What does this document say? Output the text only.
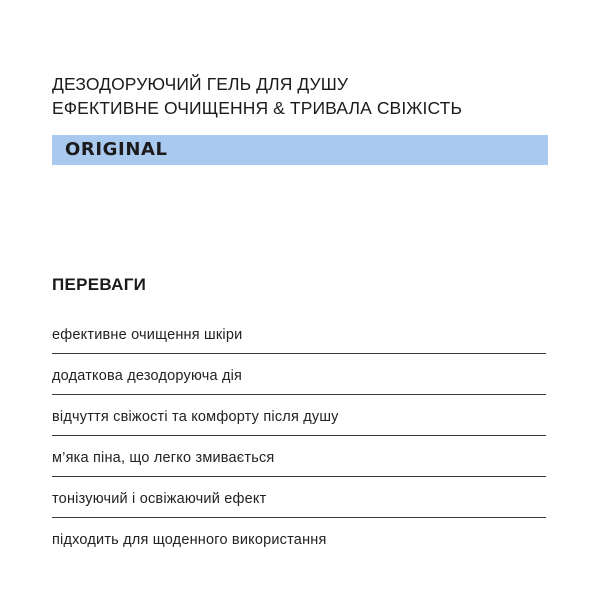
ДЕЗОДОРУЮЧИЙ ГЕЛЬ ДЛЯ ДУШУ

ЕФЕКТИВНЕ ОЧИЩЕННЯ & ТРИВАЛА СВІЖІСТЬ

ORIGINAL
ПЕРЕВАГИ
ефективне очищення шкіри
додаткова дезодоруюча дія
відчуття свіжості та комфорту після душу
м’яка піна, що легко змивається
тонізуючий і освіжаючий ефект
підходить для щоденного використання
